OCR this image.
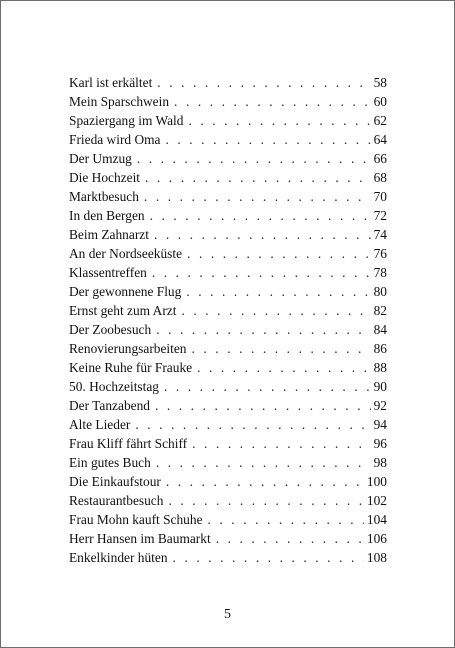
Karl ist erkältet . . .	58
Mein Sparschwein . . .	60
Spaziergang im Wald . . .	62
Frieda wird Oma . . .	64
Der Umzug . . .	66
Die Hochzeit . . .	68
Marktbesuch . . .	70
In den Bergen . . .	72
Beim Zahnarzt . . .	74
An der Nordseeküste . . .	76
Klassentreffen . . .	78
Der gewonnene Flug . . .	80
Ernst geht zum Arzt . . .	82
Der Zoobesuch . . .	84
Renovierungsarbeiten . . .	86
Keine Ruhe für Frauke . . .	88
50. Hochzeitstag . . .	90
Der Tanzabend . . .	92
Alte Lieder . . .	94
Frau Kliff fährt Schiff . . .	96
Ein gutes Buch . . .	98
Die Einkaufstour . . .	100
Restaurantbesuch . . .	102
Frau Mohn kauft Schuhe . . .	104
Herr Hansen im Baumarkt . . .	106
Enkelkinder hüten . . .	108
5
